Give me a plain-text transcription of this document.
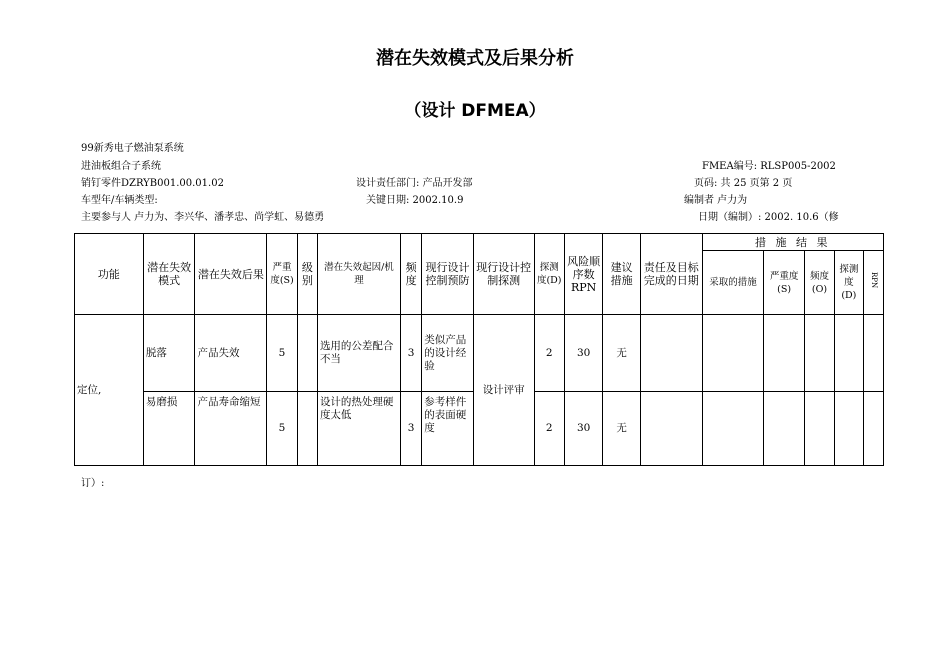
潜在失效模式及后果分析
（设计 DFMEA）
99新秀电子燃油泵系统
进油板组合子系统	FMEA编号: RLSP005-2002
销钉零件DZRYB001.00.01.02	设计责任部门: 产品开发部	页码: 共 25 页第 2 页
车型年/车辆类型:	关键日期: 2002.10.9	编制者 卢力为
主要参与人 卢力为、李兴华、潘孝忠、尚学虹、易德勇	日期（编制）: 2002. 10.6（修
订）:
功能	潜在失效模式	潜在失效后果	严重度(S)	级别	潜在失效起因/机理	频度	现行设计控制预防	现行设计控制探测	探测度(D)	风险顺序数RPN	建议措施	责任及目标完成的日期	措 施 结 果				
													采取的措施	严重度(S)	频度(O)	探测度(D)	RPN
定位,	脱落	产品失效	5		选用的公差配合不当	3	类似产品的设计经验	设计评审	2	30	无						
	易磨损	产品寿命缩短	5		设计的热处理硬度太低	3	参考样件的表面硬度		2	30	无						
